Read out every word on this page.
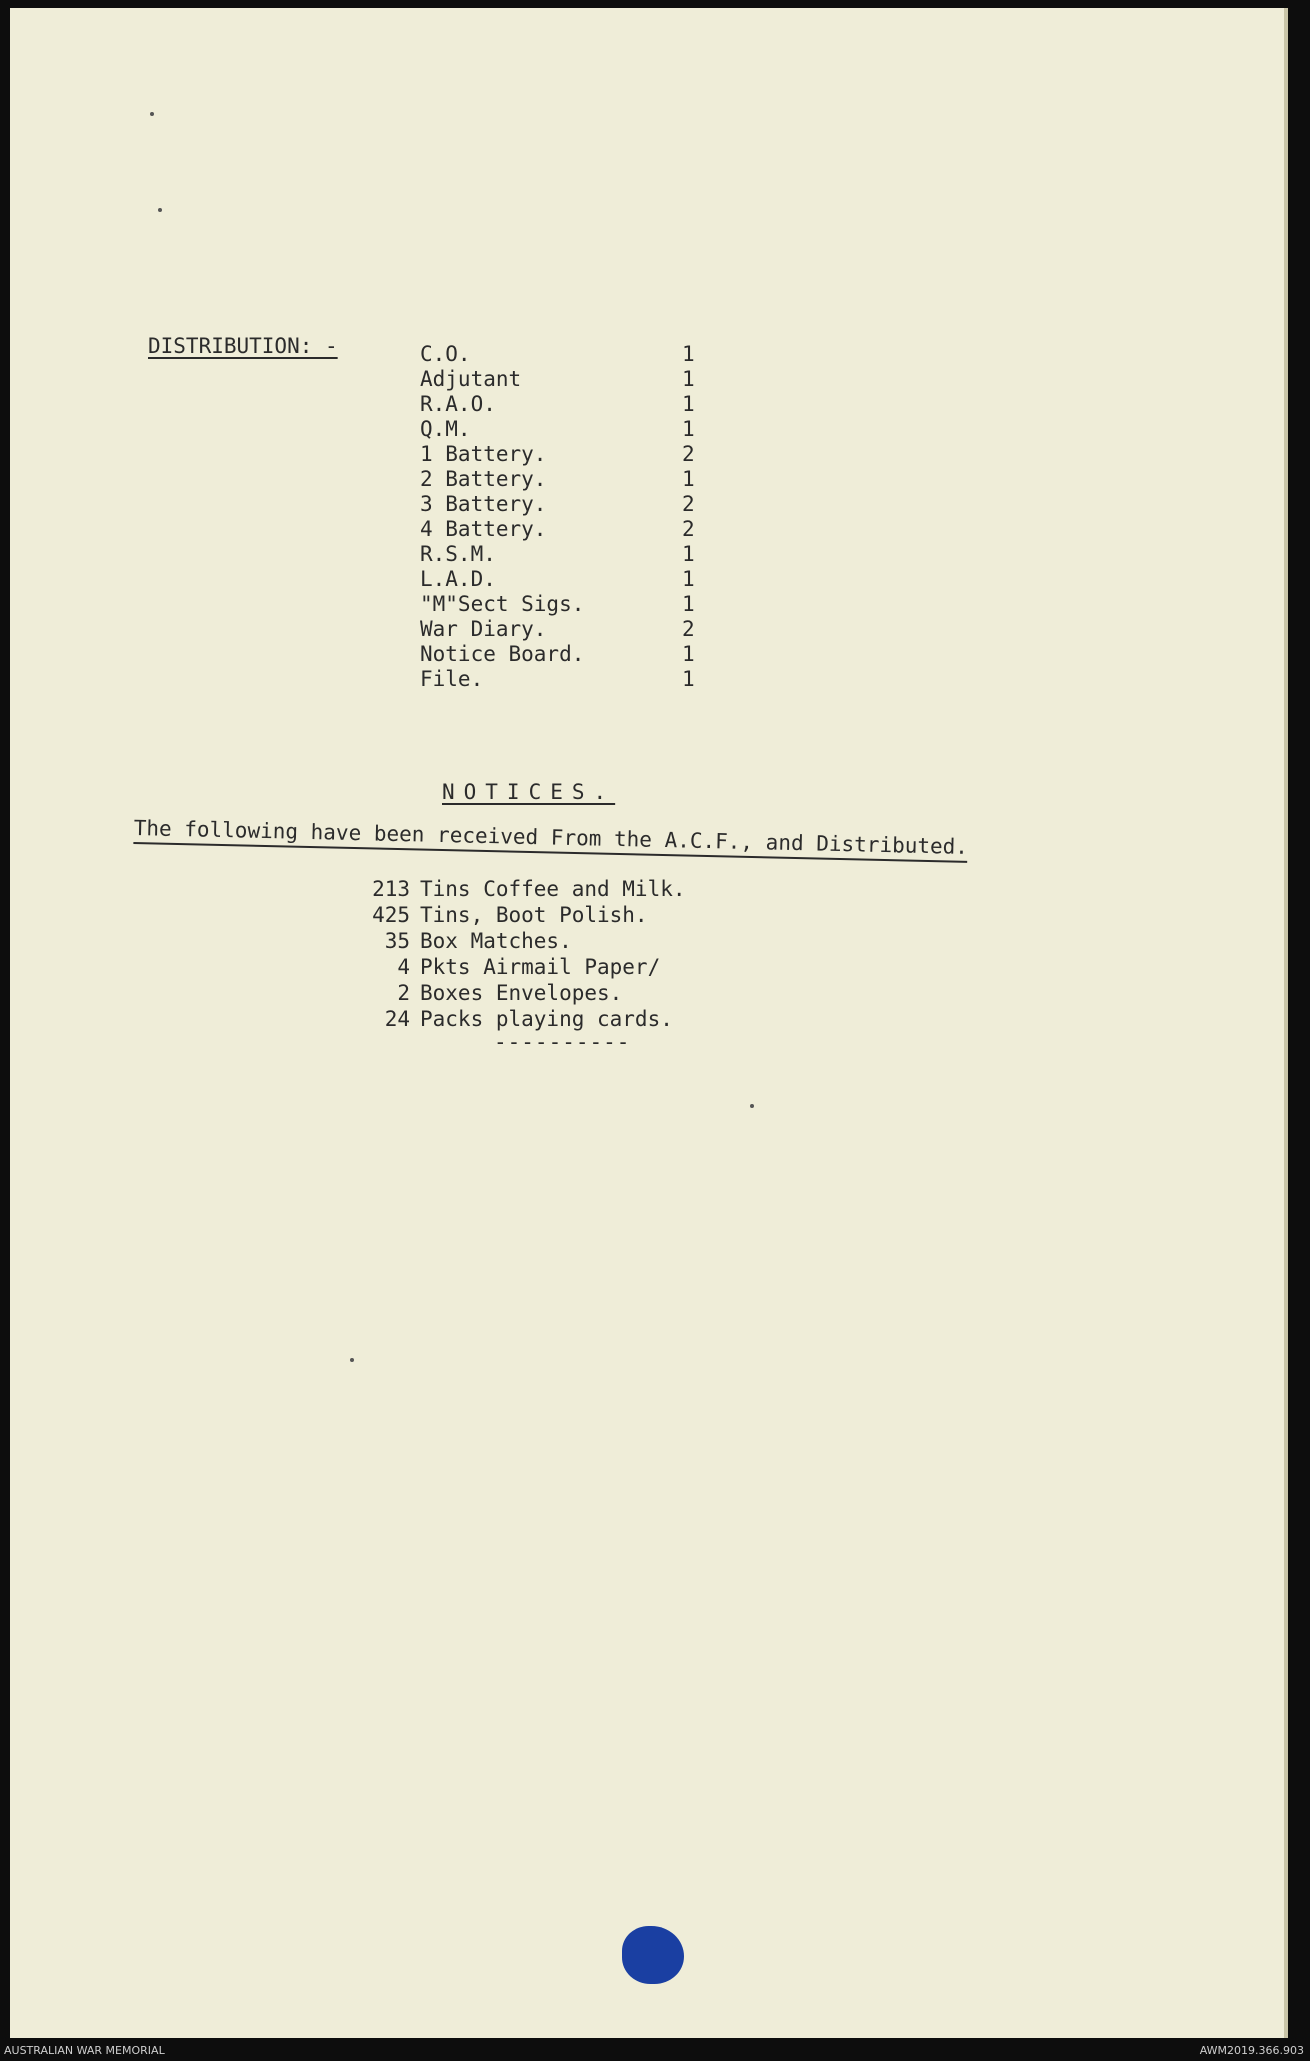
DISTRIBUTION: -	C.O.	1
Adjutant	1
R.A.O.	1
Q.M.	1
1 Battery.	2
2 Battery.	1
3 Battery.	2
4 Battery.	2
R.S.M.	1
L.A.D.	1
"M"Sect Sigs.	1
War Diary.	2
Notice Board.	1
File.	1
NOTICES.
The following have been received From the A.C.F., and Distributed.
213 Tins Coffee and Milk.
425 Tins, Boot Polish.
35 Box Matches.
4 Pkts Airmail Paper/
2 Boxes Envelopes.
24 Packs playing cards.
----------
AUSTRALIAN WAR MEMORIAL	AWM2019.366.903
